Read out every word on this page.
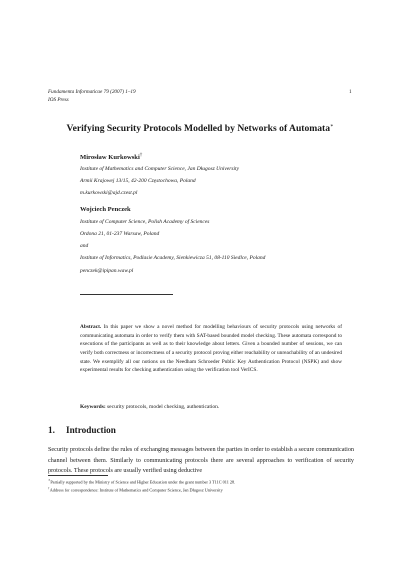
Fundamenta Informaticae 79 (2007) 1–19
IOS Press
1
Verifying Security Protocols Modelled by Networks of Automata∗
Mirosław Kurkowski†
Institute of Mathematics and Computer Science, Jan Długosz University
Armii Krajowej 13/15, 42-200 Częstochowa, Poland
m.kurkowski@ajd.czest.pl
Wojciech Penczek
Institute of Computer Science, Polish Academy of Sciences
Ordona 21, 01-237 Warsaw, Poland
and
Institute of Informatics, Podlasie Academy, Sienkiewicza 51, 08-110 Siedlce, Poland
penczek@ipipan.waw.pl

Abstract. In this paper we show a novel method for modelling behaviours of security protocols using networks of communicating automata in order to verify them with SAT-based bounded model checking. These automata correspond to executions of the participants as well as to their knowledge about letters. Given a bounded number of sessions, we can verify both correctness or incorrectness of a security protocol proving either reachability or unreachability of an undesired state. We exemplify all our notions on the Needham Schroeder Public Key Authentication Protocol (NSPK) and show experimental results for checking authentication using the verification tool VerICS.

Keywords: security protocols, model checking, authentication.
1. Introduction

Security protocols define the rules of exchanging messages between the parties in order to establish a secure communication channel between them. Similarly to communicating protocols there are several approaches to verification of security protocols. These protocols are usually verified using deductive

∗Partially supported by the Ministry of Science and Higher Education under the grant number 3 T11C 011 28.
†Address for correspondence: Institute of Mathematics and Computer Science, Jan Długosz University
